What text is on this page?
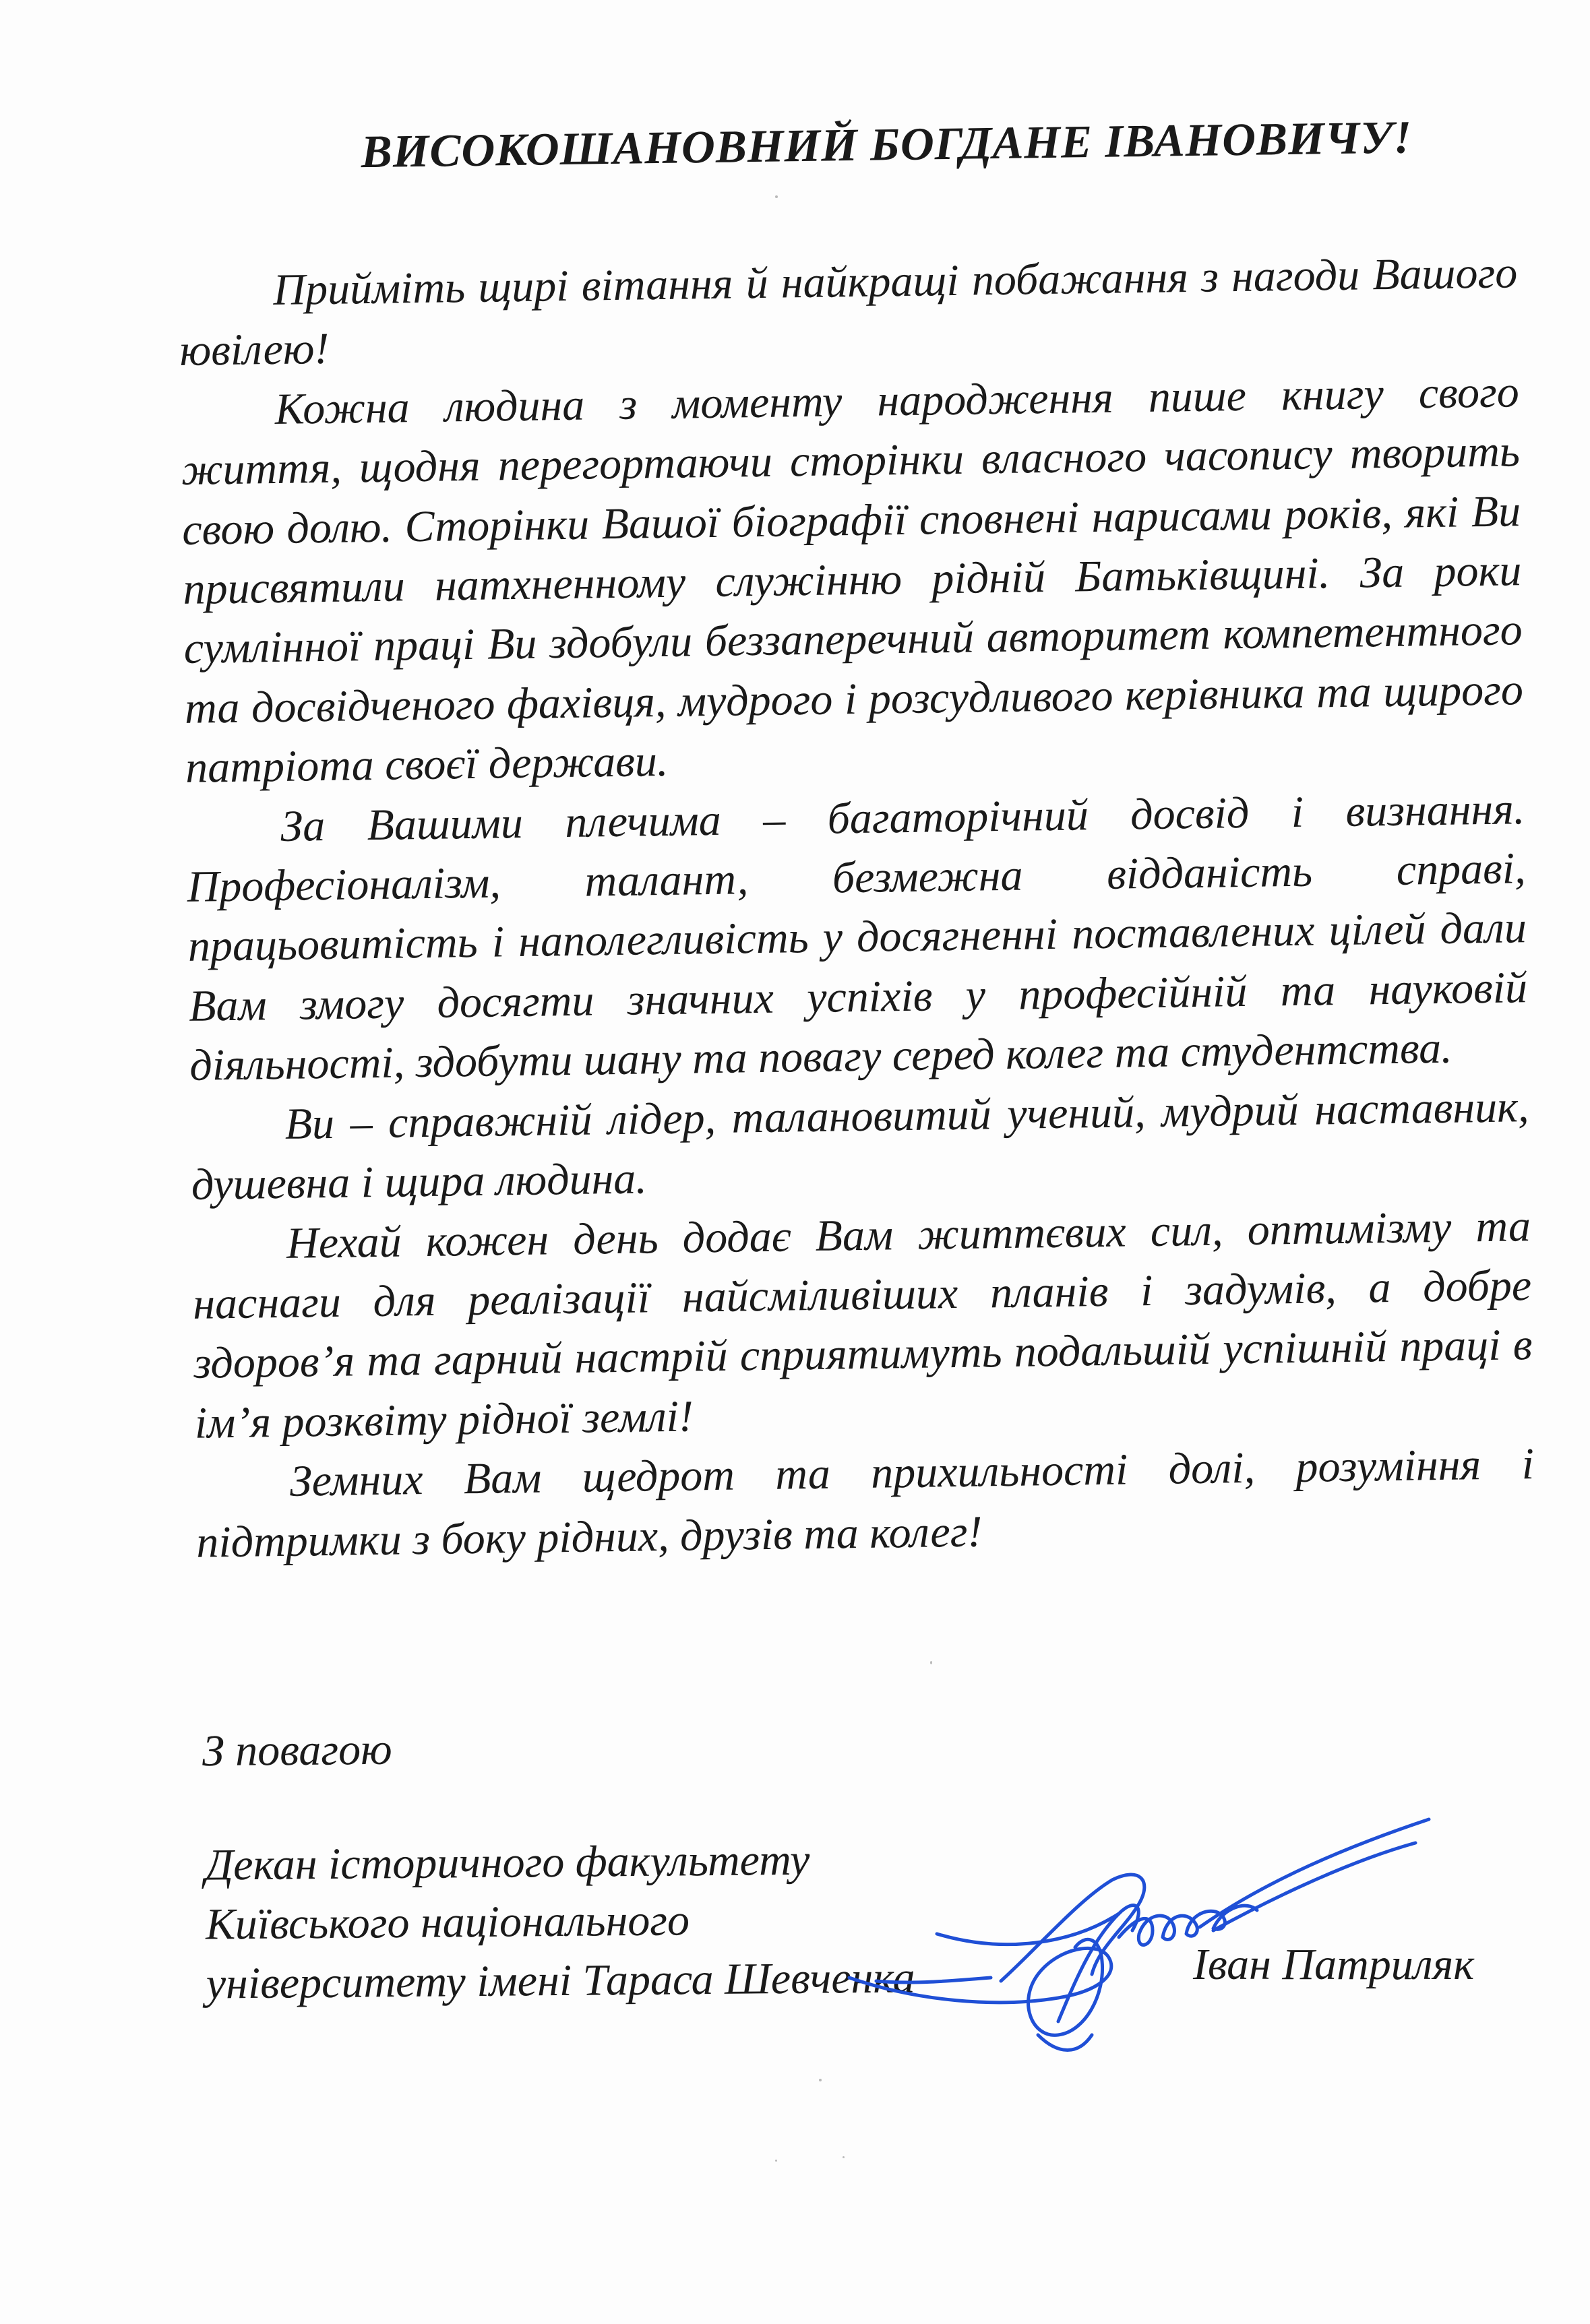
ВИСОКОШАНОВНИЙ БОГДАНЕ ІВАНОВИЧУ!

Прийміть щирі вітання й найкращі побажання з нагоди Вашого ювілею!

Кожна людина з моменту народження пише книгу свого життя, щодня перегортаючи сторінки власного часопису творить свою долю. Сторінки Вашої біографії сповнені нарисами років, які Ви присвятили натхненному служінню рідній Батьківщині. За роки сумлінної праці Ви здобули беззаперечний авторитет компетентного та досвідченого фахівця, мудрого і розсудливого керівника та щирого патріота своєї держави.

За Вашими плечима – багаторічний досвід і визнання. Професіоналізм, талант, безмежна відданість справі, працьовитість і наполегливість у досягненні поставлених цілей дали Вам змогу досягти значних успіхів у професійній та науковій діяльності, здобути шану та повагу серед колег та студентства.

Ви – справжній лідер, талановитий учений, мудрий наставник, душевна і щира людина.

Нехай кожен день додає Вам життєвих сил, оптимізму та наснаги для реалізації найсміливіших планів і задумів, а добре здоров’я та гарний настрій сприятимуть подальшій успішній праці в ім’я розквіту рідної землі!

Земних Вам щедрот та прихильності долі, розуміння і підтримки з боку рідних, друзів та колег!

З повагою
Декан історичного факультету
Київського національного
університету імені Тараса Шевченка	Іван Патриляк
